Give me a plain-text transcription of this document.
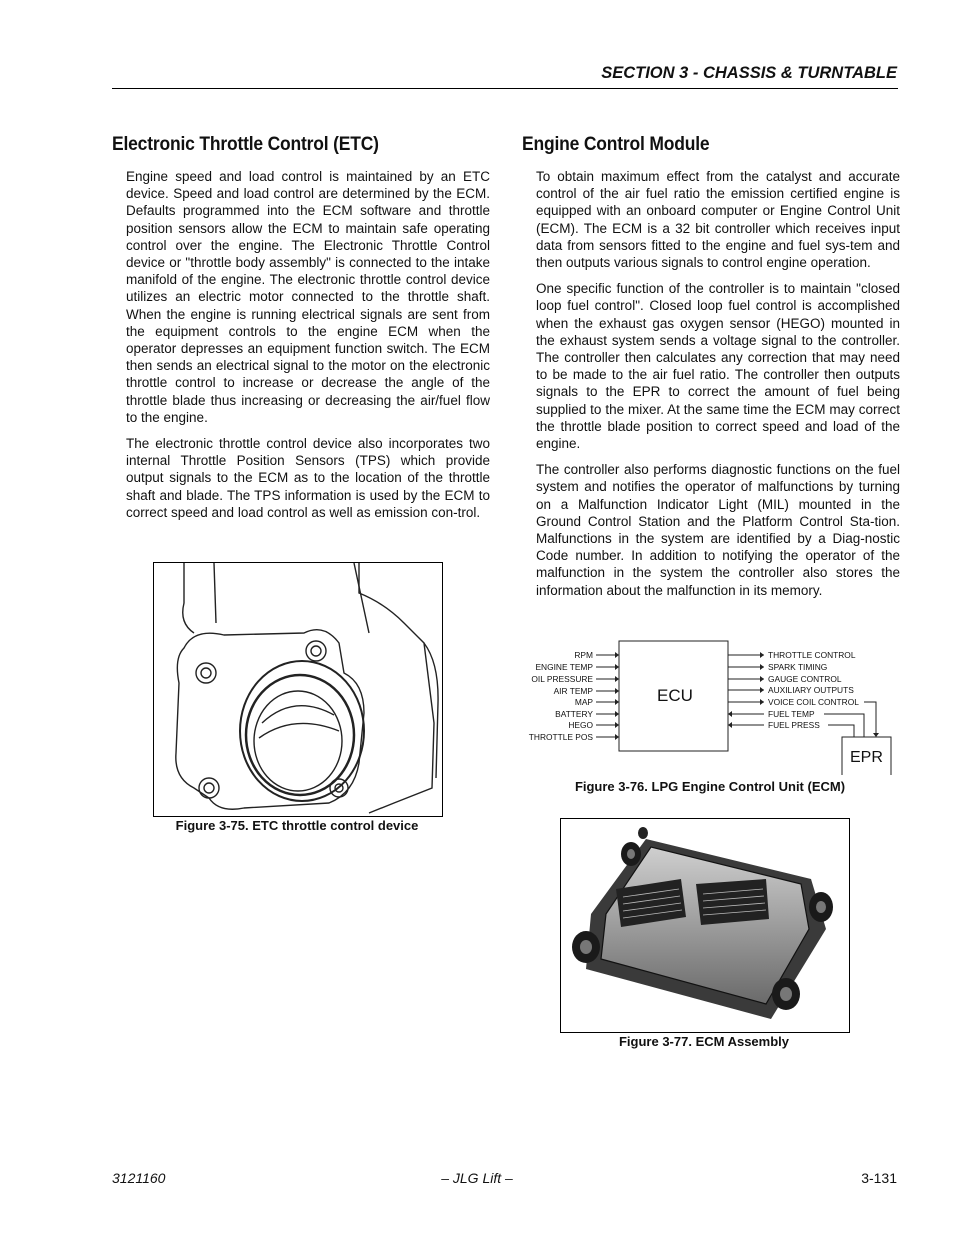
SECTION 3 - CHASSIS & TURNTABLE
Electronic Throttle Control (ETC)

Engine speed and load control is maintained by an ETC device. Speed and load control are determined by the ECM. Defaults programmed into the ECM software and throttle position sensors allow the ECM to maintain safe operating control over the engine. The Electronic Throttle Control device or "throttle body assembly" is connected to the intake manifold of the engine. The electronic throttle control device utilizes an electric motor connected to the throttle shaft. When the engine is running electrical signals are sent from the equipment controls to the engine ECM when the operator depresses an equipment function switch. The ECM then sends an electrical signal to the motor on the electronic throttle control to increase or decrease the angle of the throttle blade thus increasing or decreasing the air/fuel flow to the engine.

The electronic throttle control device also incorporates two internal Throttle Position Sensors (TPS) which provide output signals to the ECM as to the location of the throttle shaft and blade. The TPS information is used by the ECM to correct speed and load control as well as emission con-trol.

Figure 3-75. ETC throttle control device
Engine Control Module

To obtain maximum effect from the catalyst and accurate control of the air fuel ratio the emission certified engine is equipped with an onboard computer or Engine Control Unit (ECM). The ECM is a 32 bit controller which receives input data from sensors fitted to the engine and fuel sys-tem and then outputs various signals to control engine operation.

One specific function of the controller is to maintain "closed loop fuel control". Closed loop fuel control is accomplished when the exhaust gas oxygen sensor (HEGO) mounted in the exhaust system sends a voltage signal to the controller. The controller then calculates any correction that may need to be made to the air fuel ratio. The controller then outputs signals to the EPR to correct the amount of fuel being supplied to the mixer. At the same time the ECM may correct the throttle blade position to correct speed and load of the engine.

The controller also performs diagnostic functions on the fuel system and notifies the operator of malfunctions by turning on a Malfunction Indicator Light (MIL) mounted in the Ground Control Station and the Platform Control Sta-tion. Malfunctions in the system are identified by a Diag-nostic Code number. In addition to notifying the operator of the malfunction in the system the controller also stores the information about the malfunction in its memory.

ECU
EPR
RPM
ENGINE TEMP
OIL PRESSURE
AIR TEMP
MAP
BATTERY
HEGO
THROTTLE POS
THROTTLE CONTROL
SPARK TIMING
GAUGE CONTROL
AUXILIARY OUTPUTS
VOICE COIL CONTROL
FUEL TEMP
FUEL PRESS
Figure 3-76. LPG Engine Control Unit (ECM)
Figure 3-77. ECM Assembly
3121160	– JLG Lift –	3-131
